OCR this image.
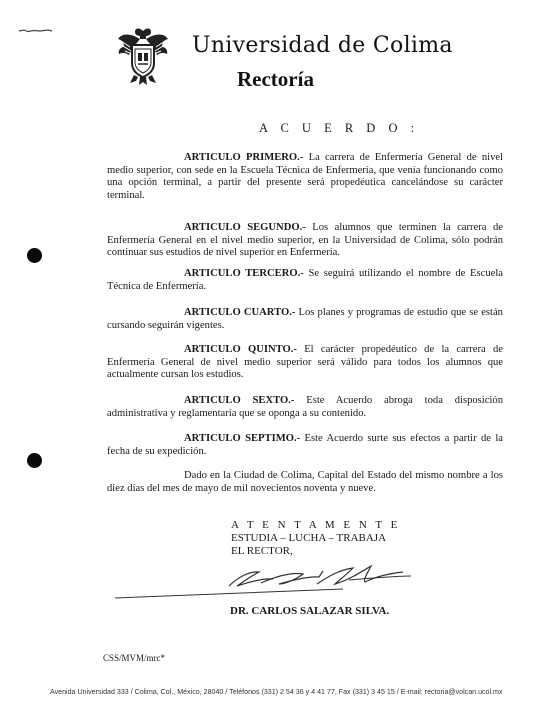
Universidad de Colima
Rectoría
A C U E R D O :

ARTICULO PRIMERO.- La carrera de Enfermería General de nivel medio superior, con sede en la Escuela Técnica de Enfermería, que venía funcionando como una opción terminal, a partir del presente será propedéutica cancelándose su carácter terminal.

ARTICULO SEGUNDO.- Los alumnos que terminen la carrera de Enfermería General en el nivel medio superior, en la Universidad de Colima, sólo podrán continuar sus estudios de nivel superior en Enfermería.

ARTICULO TERCERO.- Se seguirá utilizando el nombre de Escuela Técnica de Enfermería.

ARTICULO CUARTO.- Los planes y programas de estudio que se están cursando seguirán vigentes.

ARTICULO QUINTO.- El carácter propedéutico de la carrera de Enfermería General de nivel medio superior será válido para todos los alumnos que actualmente cursan los estudios.

ARTICULO SEXTO.- Este Acuerdo abroga toda disposición administrativa y reglamentaria que se oponga a su contenido.

ARTICULO SEPTIMO.- Este Acuerdo surte sus efectos a partir de la fecha de su expedición.

Dado en la Ciudad de Colima, Capital del Estado del mismo nombre a los diez días del mes de mayo de mil novecientos noventa y nueve.

A T E N T A M E N T E
ESTUDIA – LUCHA – TRABAJA
EL RECTOR,
DR. CARLOS SALAZAR SILVA.
CSS/MVM/mrc*
Avenida Universidad 333 / Colima, Col., México, 28040 / Teléfonos (331) 2 54 36 y 4 41 77, Fax (331) 3 45 15 / E-mail: rectoria@volcan.ucol.mx
